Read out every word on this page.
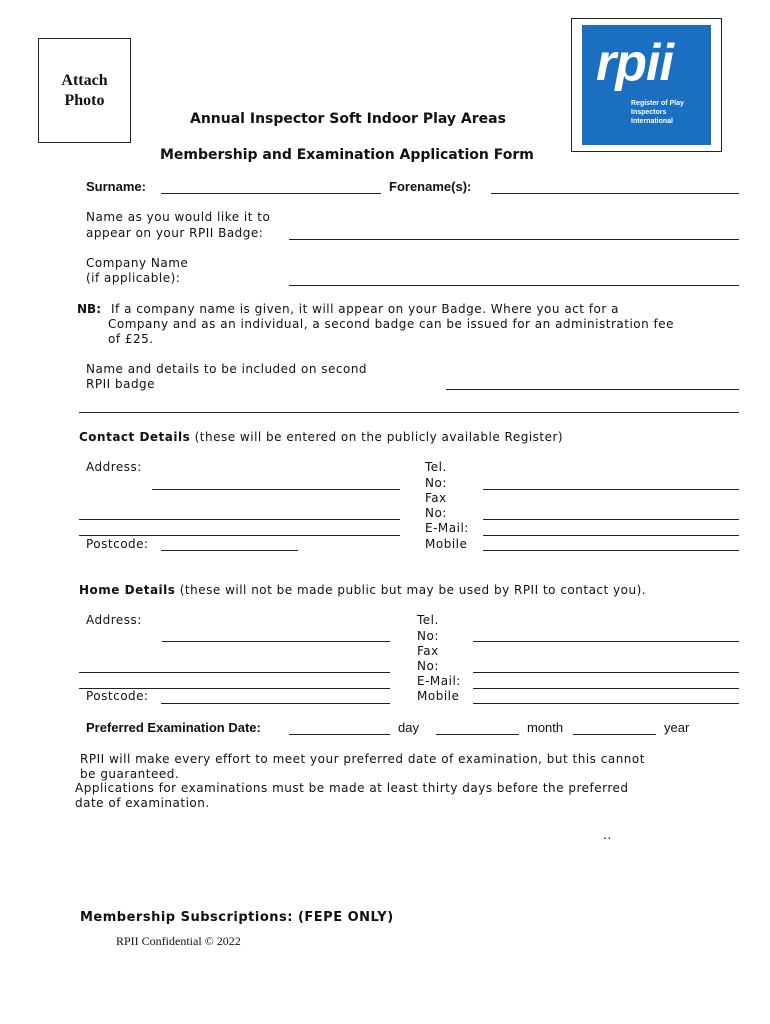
Attach
Photo
rpii
Register of Play
Inspectors International
Annual Inspector Soft Indoor Play Areas
Membership and Examination Application Form
Surname:	Forename(s):
Name as you would like it to
appear on your RPII Badge:
Company Name
(if applicable):
NB: If a company name is given, it will appear on your Badge. Where you act for a
Company and as an individual, a second badge can be issued for an administration fee
of £25.
Name and details to be included on second
RPII badge
Contact Details (these will be entered on the publicly available Register)
Address:
Postcode:
Tel.
No:
Fax
No:
E-Mail:
Mobile
Home Details (these will not be made public but may be used by RPII to contact you).
Address:
Postcode:
Tel.
No:
Fax
No:
E-Mail:
Mobile
Preferred Examination Date:	day	month	year
RPII will make every effort to meet your preferred date of examination, but this cannot
be guaranteed.
Applications for examinations must be made at least thirty days before the preferred
date of examination.
..
Membership Subscriptions: (FEPE ONLY)
RPII Confidential © 2022
